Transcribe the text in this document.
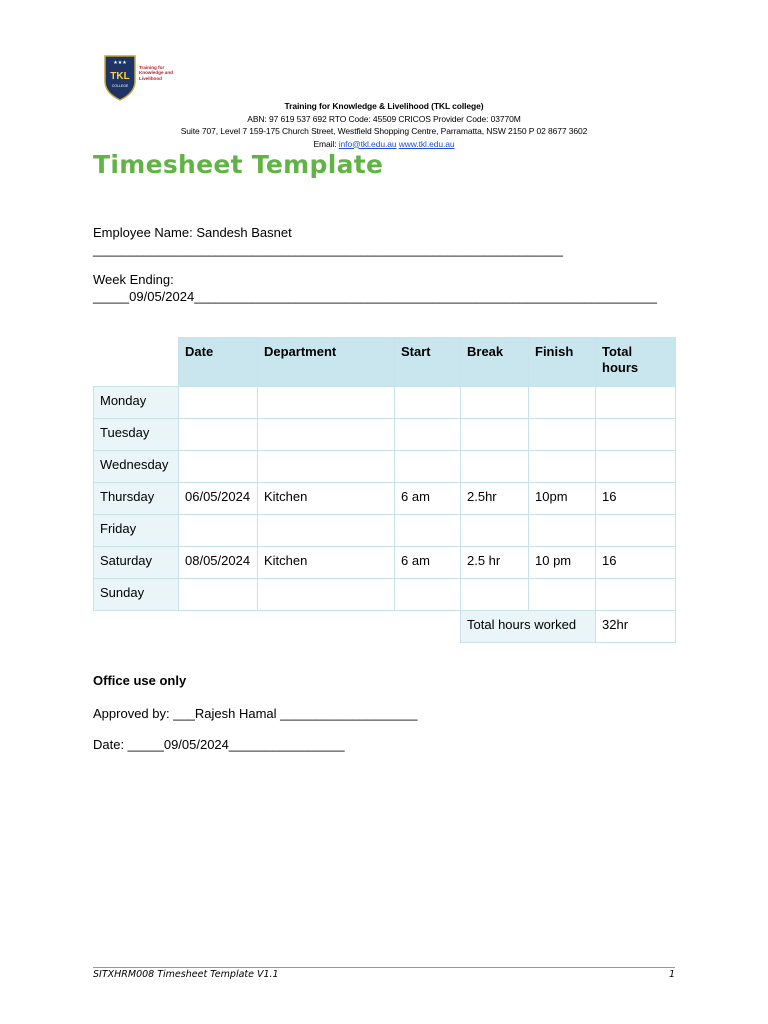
TKL
COLLEGE
★★★
Training for Knowledge and Livelihood
Training for Knowledge & Livelihood (TKL college)
ABN: 97 619 537 692 RTO Code: 45509 CRICOS Provider Code: 03770M
Suite 707, Level 7 159-175 Church Street, Westfield Shopping Centre, Parramatta, NSW 2150 P 02 8677 3602
Email: info@tkl.edu.au www.tkl.edu.au
Timesheet Template
Employee Name: Sandesh Basnet
_________________________________________________________________
Week Ending:
_____09/05/2024________________________________________________________________
	Date	Department	Start	Break	Finish	Total hours
Monday						
Tuesday						
Wednesday						
Thursday	06/05/2024	Kitchen	6 am	2.5hr	10pm	16
Friday						
Saturday	08/05/2024	Kitchen	6 am	2.5 hr	10 pm	16
Sunday						
				Total hours worked		32hr
Office use only
Approved by: ___Rajesh Hamal ___________________
Date: _____09/05/2024________________
SITXHRM008 Timesheet Template V1.1	1
